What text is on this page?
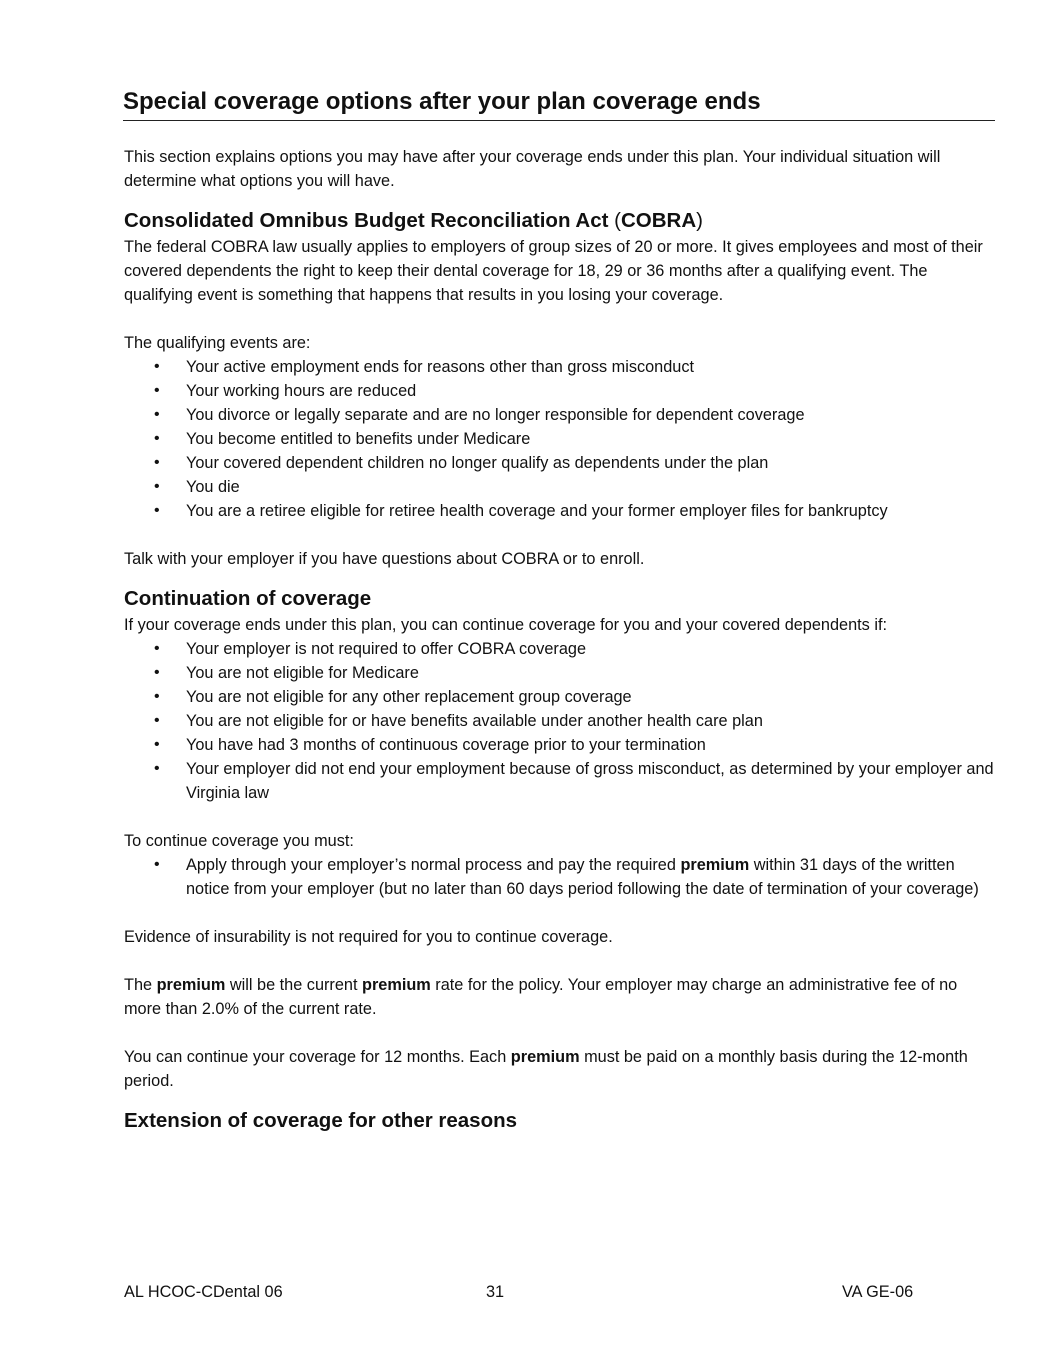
Special coverage options after your plan coverage ends

This section explains options you may have after your coverage ends under this plan. Your individual situation will determine what options you will have.

Consolidated Omnibus Budget Reconciliation Act (COBRA)

The federal COBRA law usually applies to employers of group sizes of 20 or more. It gives employees and most of their covered dependents the right to keep their dental coverage for 18, 29 or 36 months after a qualifying event. The qualifying event is something that happens that results in you losing your coverage.

The qualifying events are:

• Your active employment ends for reasons other than gross misconduct
• Your working hours are reduced
• You divorce or legally separate and are no longer responsible for dependent coverage
• You become entitled to benefits under Medicare
• Your covered dependent children no longer qualify as dependents under the plan
• You die
• You are a retiree eligible for retiree health coverage and your former employer files for bankruptcy

Talk with your employer if you have questions about COBRA or to enroll.

Continuation of coverage

If your coverage ends under this plan, you can continue coverage for you and your covered dependents if:

• Your employer is not required to offer COBRA coverage
• You are not eligible for Medicare
• You are not eligible for any other replacement group coverage
• You are not eligible for or have benefits available under another health care plan
• You have had 3 months of continuous coverage prior to your termination
• Your employer did not end your employment because of gross misconduct, as determined by your employer and Virginia law

To continue coverage you must:

• Apply through your employer’s normal process and pay the required premium within 31 days of the written notice from your employer (but no later than 60 days period following the date of termination of your coverage)

Evidence of insurability is not required for you to continue coverage.

The premium will be the current premium rate for the policy. Your employer may charge an administrative fee of no more than 2.0% of the current rate.

You can continue your coverage for 12 months. Each premium must be paid on a monthly basis during the 12-month period.

Extension of coverage for other reasons
AL HCOC-CDental 06	31	VA GE-06
